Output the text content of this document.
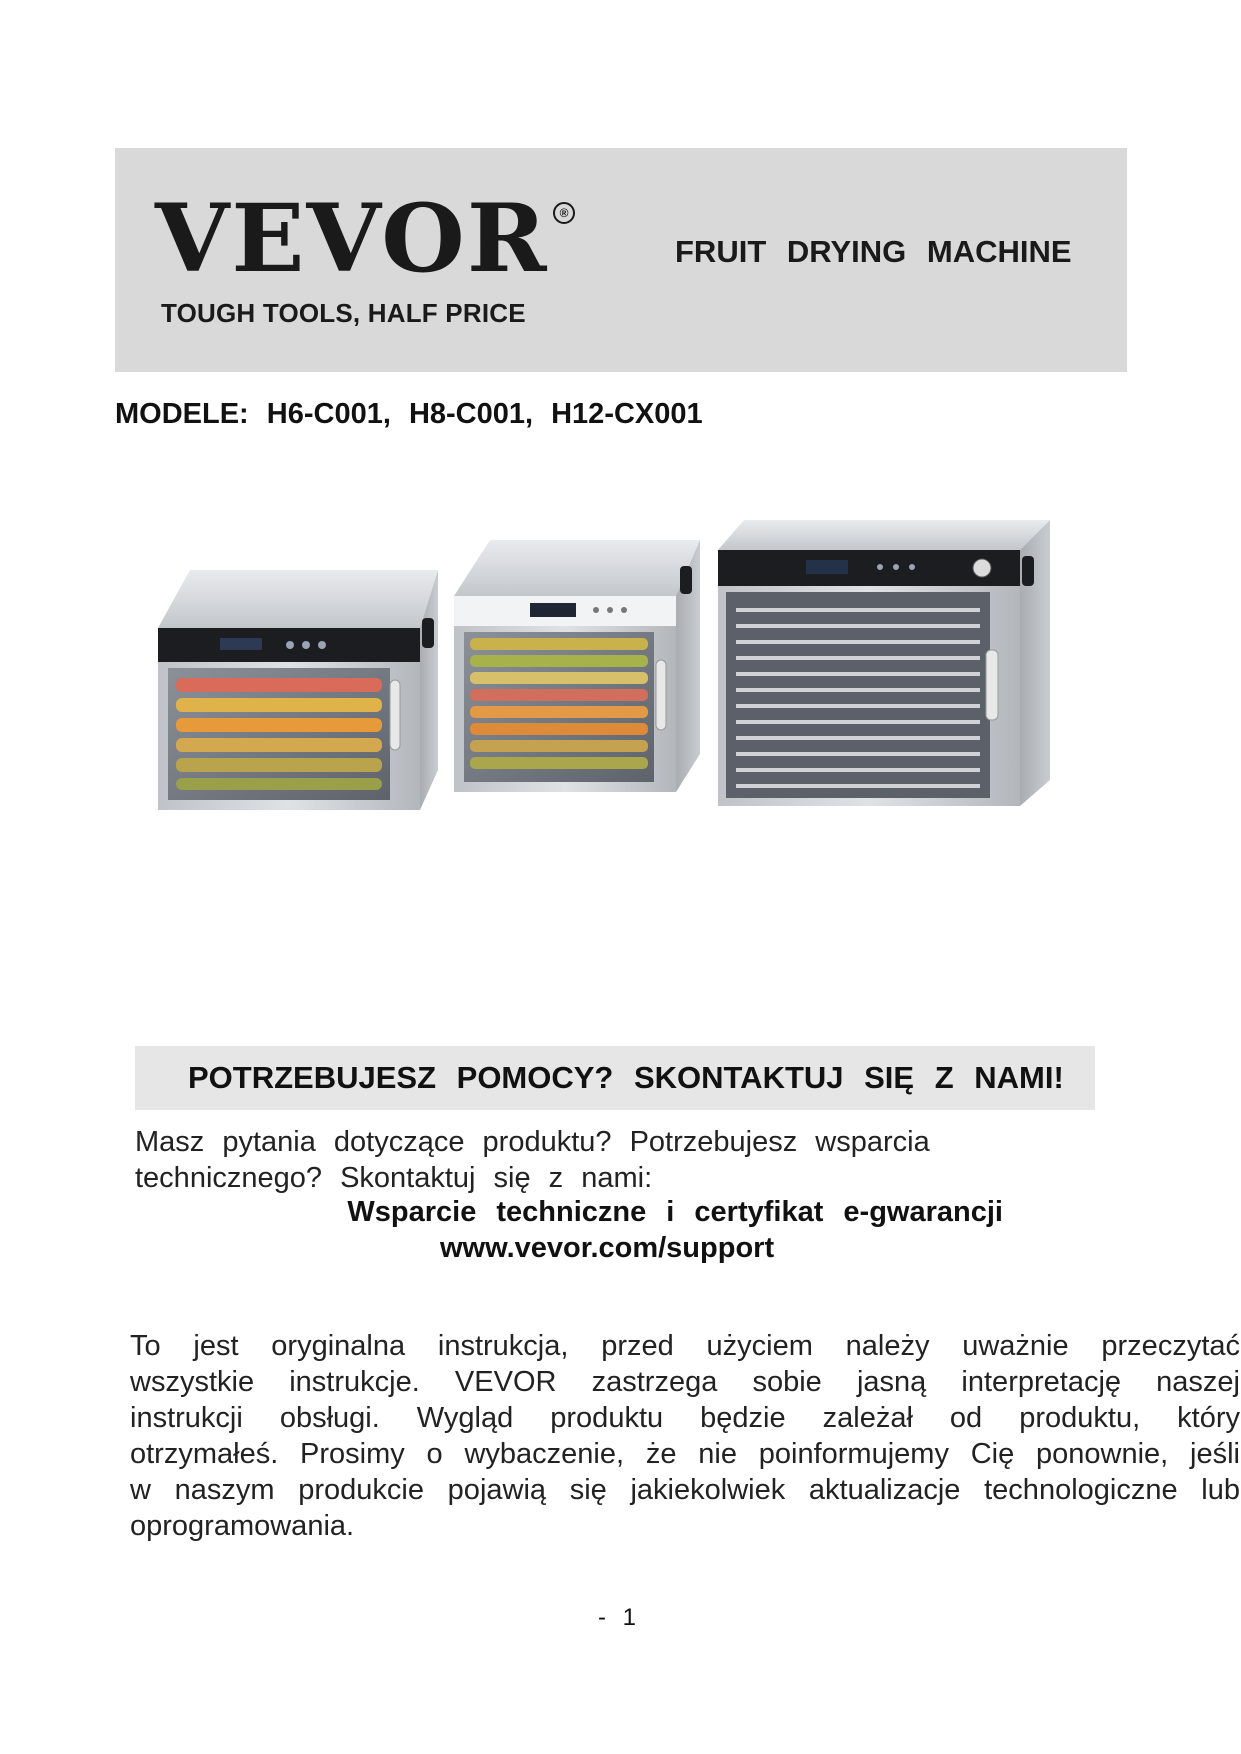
VEVOR ®
TOUGH TOOLS, HALF PRICE
FRUIT DRYING MACHINE
MODELE: H6-C001, H8-C001, H12-CX001
POTRZEBUJESZ POMOCY? SKONTAKTUJ SIĘ Z NAMI!
Masz pytania dotyczące produktu? Potrzebujesz wsparcia technicznego? Skontaktuj się z nami:
Wsparcie techniczne i certyfikat e-gwarancji
www.vevor.com/support
To jest oryginalna instrukcja, przed użyciem należy uważnie przeczytać wszystkie instrukcje. VEVOR zastrzega sobie jasną interpretację naszej instrukcji obsługi. Wygląd produktu będzie zależał od produktu, który otrzymałeś. Prosimy o wybaczenie, że nie poinformujemy Cię ponownie, jeśli w naszym produkcie pojawią się jakiekolwiek aktualizacje technologiczne lub oprogramowania.
- 1
